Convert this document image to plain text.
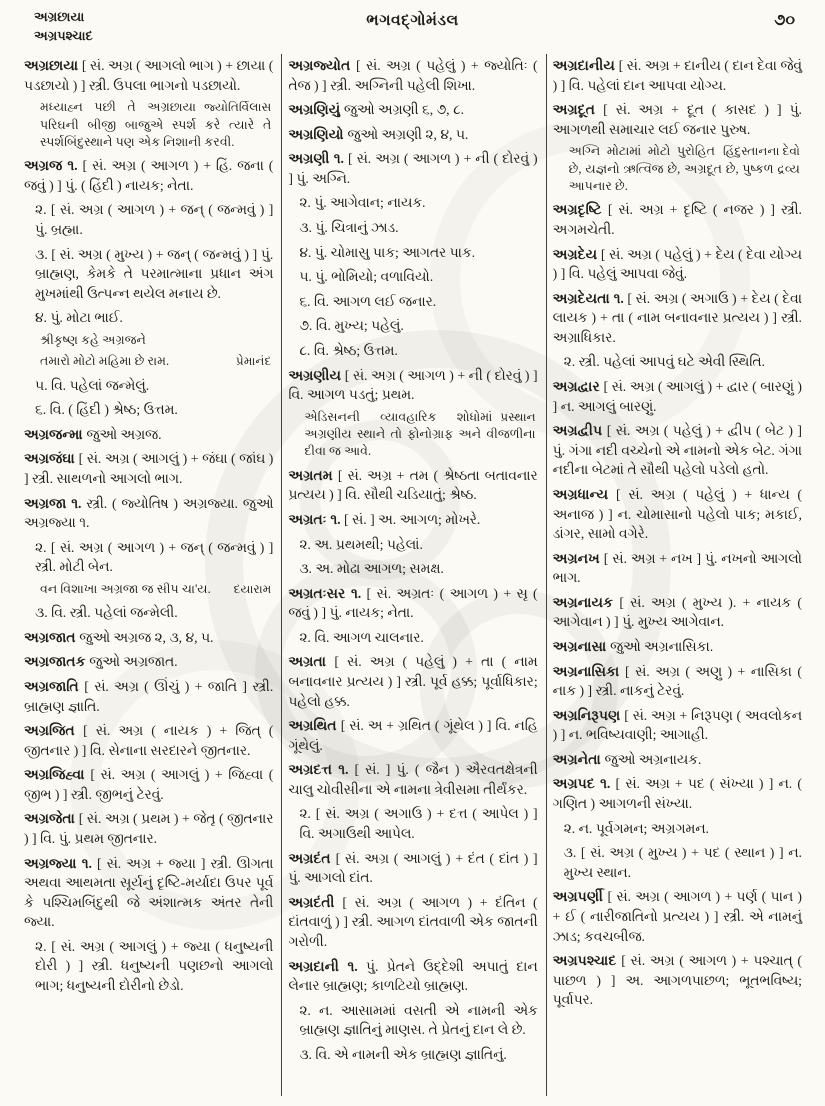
અગ્રછાયા
અગ્રપશ્ચાદ
ભગવદ્ગોમંડલ	૭૦

અગ્રછાયા [ સં. અગ્ર ( આગલો ભાગ ) + છાયા ( પડછાયો ) ] સ્ત્રી. ઉપલા ભાગનો પડછાયો.

જ્યોતિર્વિલાસ
મધ્યાહ્ન પછી તે અગ્રછાયા પરિઘની બીજી બાજુએ સ્પર્શ કરે ત્યારે તે સ્પર્શબિંદુસ્થાને પણ એક નિશાની કરવી.

અગ્રજ ૧. [ સં. અગ્ર ( આગળ ) + હિં. જના ( જવું ) ] પું. ( હિંદી ) નાયક; નેતા.

૨. [ સં. અગ્ર ( આગળ ) + જન્ ( જન્મવું ) ] પું. બ્રહ્મા.

૩. [ સં. અગ્ર ( મુખ્ય ) + જન્ ( જન્મવું ) ] પું. બ્રાહ્મણ, કેમકે તે પરમાત્માના પ્રધાન અંગ મુખમાંથી ઉત્પન્ન થયેલ મનાય છે.

૪. પું. મોટા ભાઈ.

શ્રીકૃષ્ણ કહે અગ્રજને

પ્રેમાનંદ
તમારો મોટો મહિમા છે રામ.

૫. વિ. પહેલાં જન્મેલું.

૬. વિ. ( હિંદી ) શ્રેષ્ઠ; ઉત્તમ.

અગ્રજન્મા જુઓ અગ્રજ.

અગ્રજંઘા [ સં. અગ્ર ( આગલું ) + જંઘા ( જાંઘ ) ] સ્ત્રી. સાથળનો આગલો ભાગ.

અગ્રજા ૧. સ્ત્રી. ( જ્યોતિષ ) અગ્રજ્યા. જુઓ અગ્રજ્યા ૧.

૨. [ સં. અગ્ર ( આગળ ) + જન્ ( જન્મવું ) ] સ્ત્રી. મોટી બેન.

દયારામ
વન વિશાખા અગ્રજા જ સીપ ચા'ય.

૩. વિ. સ્ત્રી. પહેલાં જન્મેલી.

અગ્રજાત જુઓ અગ્રજ ૨, ૩, ૪, ૫.

અગ્રજાતક જુઓ અગ્રજાત.

અગ્રજાતિ [ સં. અગ્ર ( ઊંચું ) + જાતિ ] સ્ત્રી. બ્રાહ્મણ જ્ઞાતિ.

અગ્રજિત [ સં. અગ્ર ( નાયક ) + જિત્ ( જીતનાર ) ] વિ. સેનાના સરદારને જીતનાર.

અગ્રજિહ્વા [ સં. અગ્ર ( આગલું ) + જિહ્વા ( જીભ ) ] સ્ત્રી. જીભનું ટેરવું.

અગ્રજેતા [ સં. અગ્ર ( પ્રથમ ) + જેતૃ ( જીતનાર ) ] વિ. પું. પ્રથમ જીતનાર.

અગ્રજ્યા ૧. [ સં. અગ્ર + જ્યા ] સ્ત્રી. ઊગતા અથવા આથમતા સૂર્યનું દૃષ્ટિ-મર્યાદા ઉપર પૂર્વ કે પશ્ચિમબિંદુથી જે અંશાત્મક અંતર તેની જ્યા.

૨. [ સં. અગ્ર ( આગલું ) + જ્યા ( ધનુષ્યની દોરી ) ] સ્ત્રી. ધનુષ્યની પણછનો આગલો ભાગ; ધનુષ્યની દોરીનો છેડો.

અગ્રજ્યોત [ સં. અગ્ર ( પહેલું ) + જ્યોતિઃ ( તેજ ) ] સ્ત્રી. અગ્નિની પહેલી શિખા.

અગ્રણિયું જુઓ અગ્રણી ૬, ૭, ૮.

અગ્રણિયો જુઓ અગ્રણી ૨, ૪, ૫.

અગ્રણી ૧. [ સં. અગ્ર ( આગળ ) + ની ( દોરવું ) ] પું. અગ્નિ.

૨. પું. આગેવાન; નાયક.

૩. પું. ચિત્રાનું ઝાડ.

૪. પું. ચોમાસુ પાક; આગતર પાક.

૫. પું. ભોમિયો; વળાવિયો.

૬. વિ. આગળ લઈ જનાર.

૭. વિ. મુખ્ય; પહેલું.

૮. વિ. શ્રેષ્ઠ; ઉત્તમ.

અગ્રણીય [ સં. અગ્ર ( આગળ ) + ની ( દોરવું ) ] વિ. આગળ પડતું; પ્રથમ.

પ્રસ્થાન
એડિસનની વ્યાવહારિક શોધોમાં અગ્રણીય સ્થાને તો ફોનોગ્રાફ અને વીજળીના દીવા જ આવે.

અગ્રતમ [ સં. અગ્ર + તમ ( શ્રેષ્ઠતા બતાવનાર પ્રત્યય ) ] વિ. સૌથી ચડિયાતું; શ્રેષ્ઠ.

અગ્રતઃ ૧. [ સં. ] અ. આગળ; મોખરે.

૨. અ. પ્રથમથી; પહેલાં.

૩. અ. મોઢા આગળ; સમક્ષ.

અગ્રતઃસર ૧. [ સં. અગ્રતઃ ( આગળ ) + સૃ ( જવું ) ] પું. નાયક; નેતા.

૨. વિ. આગળ ચાલનાર.

અગ્રતા [ સં. અગ્ર ( પહેલું ) + તા ( નામ બનાવનાર પ્રત્યય ) ] સ્ત્રી. પૂર્વ હક્ક; પૂર્વાધિકાર; પહેલો હક્ક.

અગ્રથિત [ સં. અ + ગ્રથિત ( ગૂંથેલ ) ] વિ. નહિ ગૂંથેલું.

અગ્રદત્ત ૧. [ સં. ] પું. ( જૈન ) ઐરવતક્ષેત્રની ચાલુ ચોવીસીના એ નામના ત્રેવીસમા તીર્થંકર.

૨. [ સં. અગ્ર ( અગાઉ ) + દત્ત ( આપેલ ) ] વિ. અગાઉથી આપેલ.

અગ્રદંત [ સં. અગ્ર ( આગલું ) + દંત ( દાંત ) ] પું. આગલો દાંત.

અગ્રદંતી [ સં. અગ્ર ( આગળ ) + દંતિન ( દાંતવાળું ) ] સ્ત્રી. આગળ દાંતવાળી એક જાતની ગરોળી.

અગ્રદાની ૧. પું. પ્રેતને ઉદ્દેશી અપાતું દાન લેનાર બ્રાહ્મણ; કાળટિયો બ્રાહ્મણ.

૨. ન. આસામમાં વસતી એ નામની એક બ્રાહ્મણ જ્ઞાતિનું માણસ. તે પ્રેતનું દાન લે છે.

૩. વિ. એ નામની એક બ્રાહ્મણ જ્ઞાતિનું.

અગ્રદાનીય [ સં. અગ્ર + દાનીય ( દાન દેવા જેવું ) ] વિ. પહેલાં દાન આપવા યોગ્ય.

અગ્રદૂત [ સં. અગ્ર + દૂત ( કાસદ ) ] પું. આગળથી સમાચાર લઈ જનાર પુરુષ.

હિંદુસ્તાનના દેવો
અગ્નિ મોટામાં મોટો પુરોહિત છે, યજ્ઞનો ઋત્વિજ છે, અગ્રદૂત છે, પુષ્કળ દ્રવ્ય આપનાર છે.

અગ્રદૃષ્ટિ [ સં. અગ્ર + દૃષ્ટિ ( નજર ) ] સ્ત્રી. અગમચેતી.

અગ્રદેય [ સં. અગ્ર ( પહેલું ) + દેય ( દેવા યોગ્ય ) ] વિ. પહેલું આપવા જેવું.

અગ્રદેયતા ૧. [ સં. અગ્ર ( અગાઉ ) + દેય ( દેવા લાયક ) + તા ( નામ બનાવનાર પ્રત્યય ) ] સ્ત્રી. અગ્રાધિકાર.

૨. સ્ત્રી. પહેલાં આપવું ઘટે એવી સ્થિતિ.

અગ્રદ્વાર [ સં. અગ્ર ( આગલું ) + દ્વાર ( બારણું ) ] ન. આગલું બારણું.

અગ્રદ્વીપ [ સં. અગ્ર ( પહેલું ) + દ્વીપ ( બેટ ) ] પું. ગંગા નદી વચ્ચેનો એ નામનો એક બેટ. ગંગા નદીના બેટમાં તે સૌથી પહેલો પડેલો હતો.

અગ્રધાન્ય [ સં. અગ્ર ( પહેલું ) + ધાન્ય ( અનાજ ) ] ન. ચોમાસાનો પહેલો પાક; મકાઈ, ડાંગર, સામો વગેરે.

અગ્રનખ [ સં. અગ્ર + નખ ] પું. નખનો આગલો ભાગ.

અગ્રનાયક [ સં. અગ્ર ( મુખ્ય ). + નાયક ( આગેવાન ) ] પું. મુખ્ય આગેવાન.

અગ્રનાસા જુઓ અગ્રનાસિકા.

અગ્રનાસિકા [ સં. અગ્ર ( અણુ ) + નાસિકા ( નાક ) ] સ્ત્રી. નાકનું ટેરવું.

અગ્રનિરૂપણ [ સં. અગ્ર + નિરૂપણ ( અવલોકન ) ] ન. ભવિષ્યવાણી; આગાહી.

અગ્રનેતા જુઓ અગ્રનાયક.

અગ્રપદ ૧. [ સં. અગ્ર + પદ ( સંખ્યા ) ] ન. ( ગણિત ) આગળની સંખ્યા.

૨. ન. પૂર્વગમન; અગ્રગમન.

૩. [ સં. અગ્ર ( મુખ્ય ) + પદ ( સ્થાન ) ] ન. મુખ્ય સ્થાન.

અગ્રપર્ણી [ સં. અગ્ર ( આગળ ) + પર્ણ ( પાન ) + ઈ ( નારીજાતિનો પ્રત્યય ) ] સ્ત્રી. એ નામનું ઝાડ; કવચબીજ.

અગ્રપશ્ચાદ [ સં. અગ્ર ( આગળ ) + પશ્ચાત્ ( પાછળ ) ] અ. આગળપાછળ; ભૂતભવિષ્ય; પૂર્વાપર.
